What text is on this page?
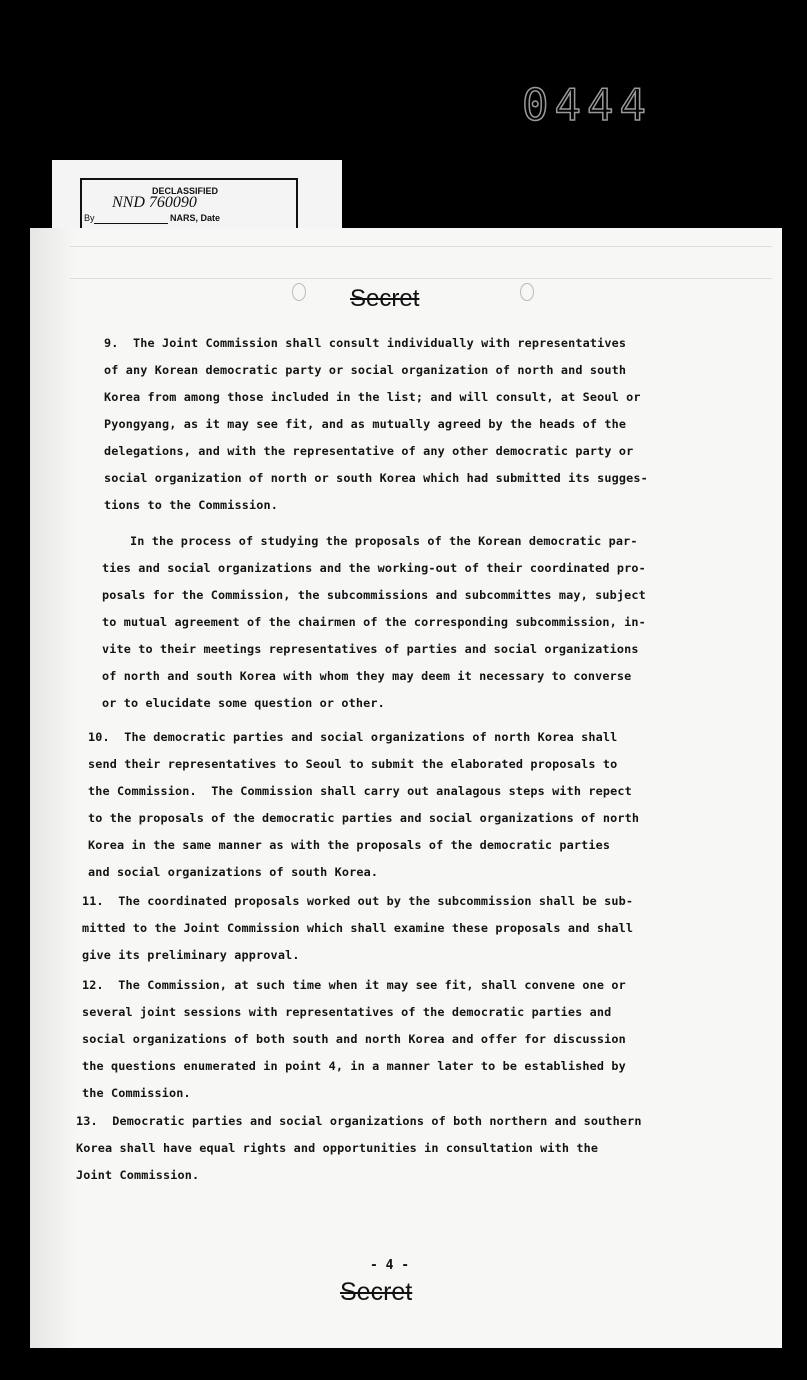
0444
DECLASSIFIED
NND 760090
By	NARS, Date
Secret

9.  The Joint Commission shall consult individually with representatives
of any Korean democratic party or social organization of north and south
Korea from among those included in the list; and will consult, at Seoul or
Pyongyang, as it may see fit, and as mutually agreed by the heads of the
delegations, and with the representative of any other democratic party or
social organization of north or south Korea which had submitted its sugges-
tions to the Commission.

In the process of studying the proposals of the Korean democratic par-
ties and social organizations and the working-out of their coordinated pro-
posals for the Commission, the subcommissions and subcommittes may, subject
to mutual agreement of the chairmen of the corresponding subcommission, in-
vite to their meetings representatives of parties and social organizations
of north and south Korea with whom they may deem it necessary to converse
or to elucidate some question or other.

10.  The democratic parties and social organizations of north Korea shall
send their representatives to Seoul to submit the elaborated proposals to
the Commission.  The Commission shall carry out analagous steps with repect
to the proposals of the democratic parties and social organizations of north
Korea in the same manner as with the proposals of the democratic parties
and social organizations of south Korea.

11.  The coordinated proposals worked out by the subcommission shall be sub-
mitted to the Joint Commission which shall examine these proposals and shall
give its preliminary approval.

12.  The Commission, at such time when it may see fit, shall convene one or
several joint sessions with representatives of the democratic parties and
social organizations of both south and north Korea and offer for discussion
the questions enumerated in point 4, in a manner later to be established by
the Commission.

13.  Democratic parties and social organizations of both northern and southern
Korea shall have equal rights and opportunities in consultation with the
Joint Commission.

- 4 -
Secret
